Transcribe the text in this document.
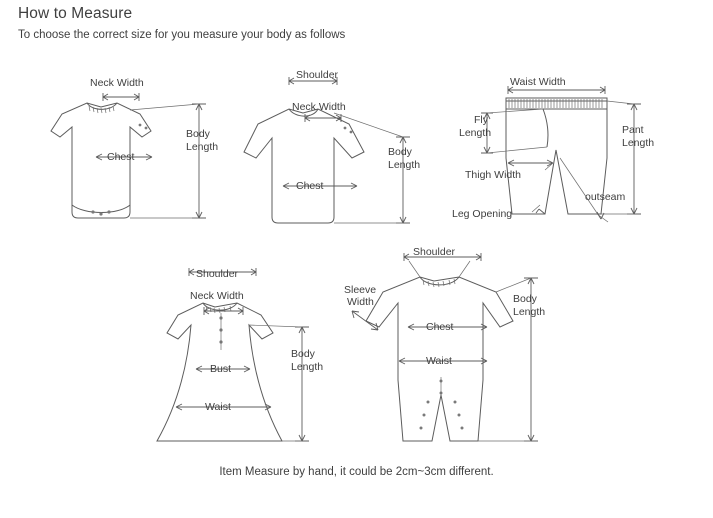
How to Measure
To choose the correct size for you measure your body as follows
Neck Width
Body
Length
Chest
Shoulder
Neck Width
Body
Length
Chest
Waist Width
Fly
Length	Pant
Length
Thigh Width
Leg Opening
outseam
Shoulder
Neck Width
Bust
Waist
Body
Length
Shoulder
Sleeve
Width
Chest
Waist
Body
Length
Item Measure by hand, it could be 2cm~3cm different.
